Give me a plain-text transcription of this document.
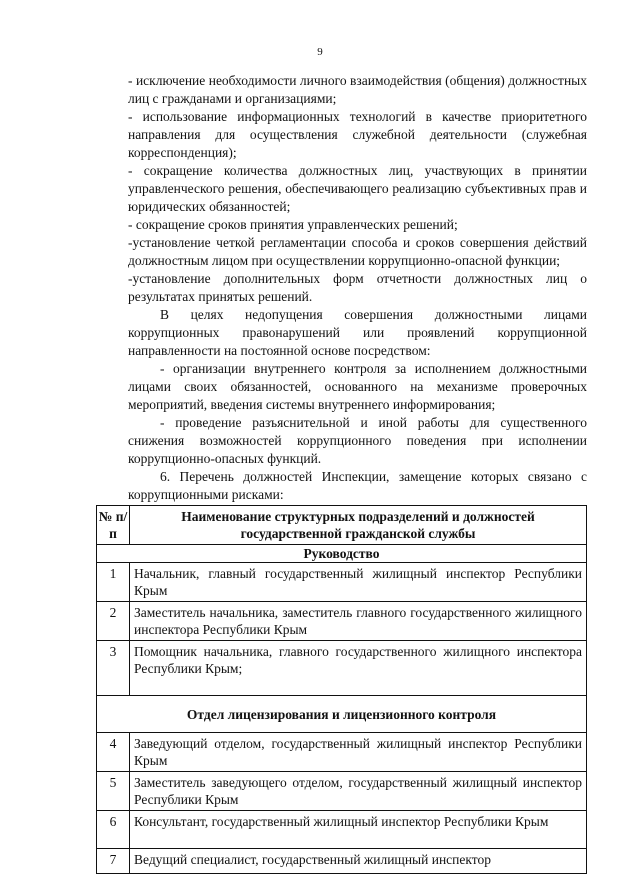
9

- исключение необходимости личного взаимодействия (общения) должностных лиц с гражданами и организациями;

- использование информационных технологий в качестве приоритетного направления для осуществления служебной деятельности (служебная корреспонденция);

- сокращение количества должностных лиц, участвующих в принятии управленческого решения, обеспечивающего реализацию субъективных прав и юридических обязанностей;

- сокращение сроков принятия управленческих решений;

-установление четкой регламентации способа и сроков совершения действий должностным лицом при осуществлении коррупционно-опасной функции;

-установление дополнительных форм отчетности должностных лиц о результатах принятых решений.

В целях недопущения совершения должностными лицами коррупционных правонарушений или проявлений коррупционной направленности на постоянной основе посредством:

- организации внутреннего контроля за исполнением должностными лицами своих обязанностей, основанного на механизме проверочных мероприятий, введения системы внутреннего информирования;

- проведение разъяснительной и иной работы для существенного снижения возможностей коррупционного поведения при исполнении коррупционно-опасных функций.

6. Перечень должностей Инспекции, замещение которых связано с коррупционными рисками:

№ п/п	Наименование структурных подразделений и должностей государственной гражданской службы
Руководство	
1	Начальник, главный государственный жилищный инспектор Республики Крым
2	Заместитель начальника, заместитель главного государственного жилищного инспектора Республики Крым
3	Помощник начальника, главного государственного жилищного инспектора Республики Крым;
Отдел лицензирования и лицензионного контроля	
4	Заведующий отделом, государственный жилищный инспектор Республики Крым
5	Заместитель заведующего отделом, государственный жилищный инспектор Республики Крым
6	Консультант, государственный жилищный инспектор Республики Крым
7	Ведущий специалист, государственный жилищный инспектор
